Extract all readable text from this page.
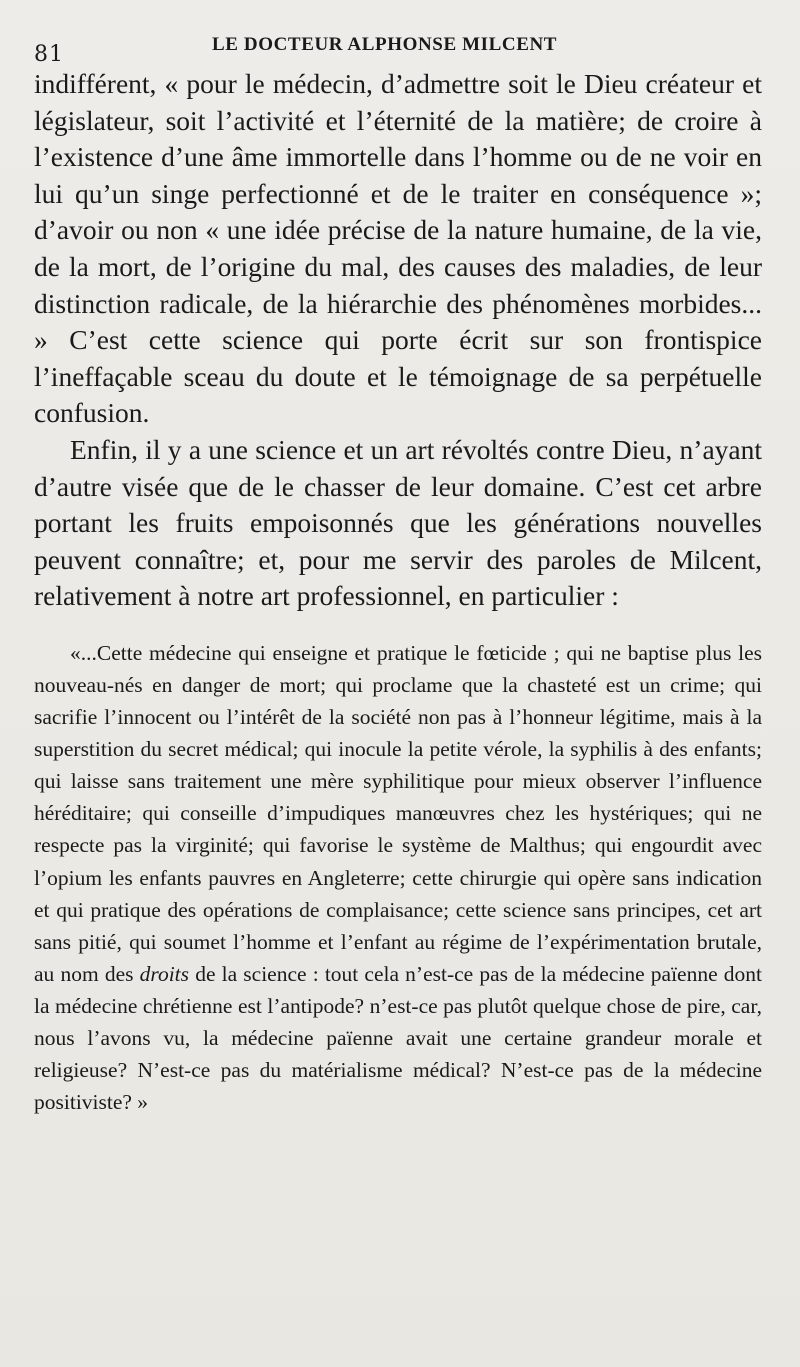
81	LE DOCTEUR ALPHONSE MILCENT

indifférent, « pour le médecin, d’admettre soit le Dieu créateur et législateur, soit l’activité et l’éternité de la matière; de croire à l’existence d’une âme immortelle dans l’homme ou de ne voir en lui qu’un singe perfectionné et de le traiter en conséquence »; d’avoir ou non « une idée précise de la nature humaine, de la vie, de la mort, de l’origine du mal, des causes des maladies, de leur distinction radicale, de la hiérarchie des phénomènes morbides... » C’est cette science qui porte écrit sur son frontispice l’ineffaçable sceau du doute et le témoignage de sa perpétuelle confusion.

Enfin, il y a une science et un art révoltés contre Dieu, n’ayant d’autre visée que de le chasser de leur domaine. C’est cet arbre portant les fruits empoisonnés que les générations nouvelles peuvent connaître; et, pour me servir des paroles de Milcent, relativement à notre art professionnel, en particulier :

«...Cette médecine qui enseigne et pratique le fœticide ; qui ne baptise plus les nouveau-nés en danger de mort; qui proclame que la chasteté est un crime; qui sacrifie l’innocent ou l’intérêt de la société non pas à l’honneur légitime, mais à la superstition du secret médical; qui inocule la petite vérole, la syphilis à des enfants; qui laisse sans traitement une mère syphilitique pour mieux observer l’influence héréditaire; qui conseille d’impudiques manœuvres chez les hystériques; qui ne respecte pas la virginité; qui favorise le système de Malthus; qui engourdit avec l’opium les enfants pauvres en Angleterre; cette chirurgie qui opère sans indication et qui pratique des opérations de complaisance; cette science sans principes, cet art sans pitié, qui soumet l’homme et l’enfant au régime de l’expérimentation brutale, au nom des droits de la science : tout cela n’est-ce pas de la médecine païenne dont la médecine chrétienne est l’antipode? n’est-ce pas plutôt quelque chose de pire, car, nous l’avons vu, la médecine païenne avait une certaine grandeur morale et religieuse? N’est-ce pas du matérialisme médical? N’est-ce pas de la médecine positiviste? »
